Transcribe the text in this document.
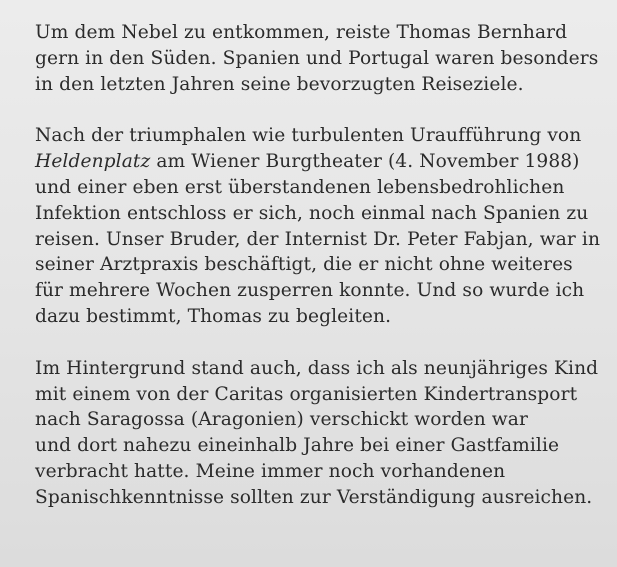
Um dem Nebel zu entkommen, reiste Thomas Bernhard
gern in den Süden. Spanien und Portugal waren besonders
in den letzten Jahren seine bevorzugten Reiseziele.

Nach der triumphalen wie turbulenten Uraufführung von
Heldenplatz am Wiener Burgtheater (4. November 1988)
und einer eben erst überstandenen lebensbedrohlichen
Infektion entschloss er sich, noch einmal nach Spanien zu
reisen. Unser Bruder, der Internist Dr. Peter Fabjan, war in
seiner Arztpraxis beschäftigt, die er nicht ohne weiteres
für mehrere Wochen zusperren konnte. Und so wurde ich
dazu bestimmt, Thomas zu begleiten.

Im Hintergrund stand auch, dass ich als neunjähriges Kind
mit einem von der Caritas organisierten Kindertransport
nach Saragossa (Aragonien) verschickt worden war
und dort nahezu eineinhalb Jahre bei einer Gastfamilie
verbracht hatte. Meine immer noch vorhandenen
Spanischkenntnisse sollten zur Verständigung ausreichen.
